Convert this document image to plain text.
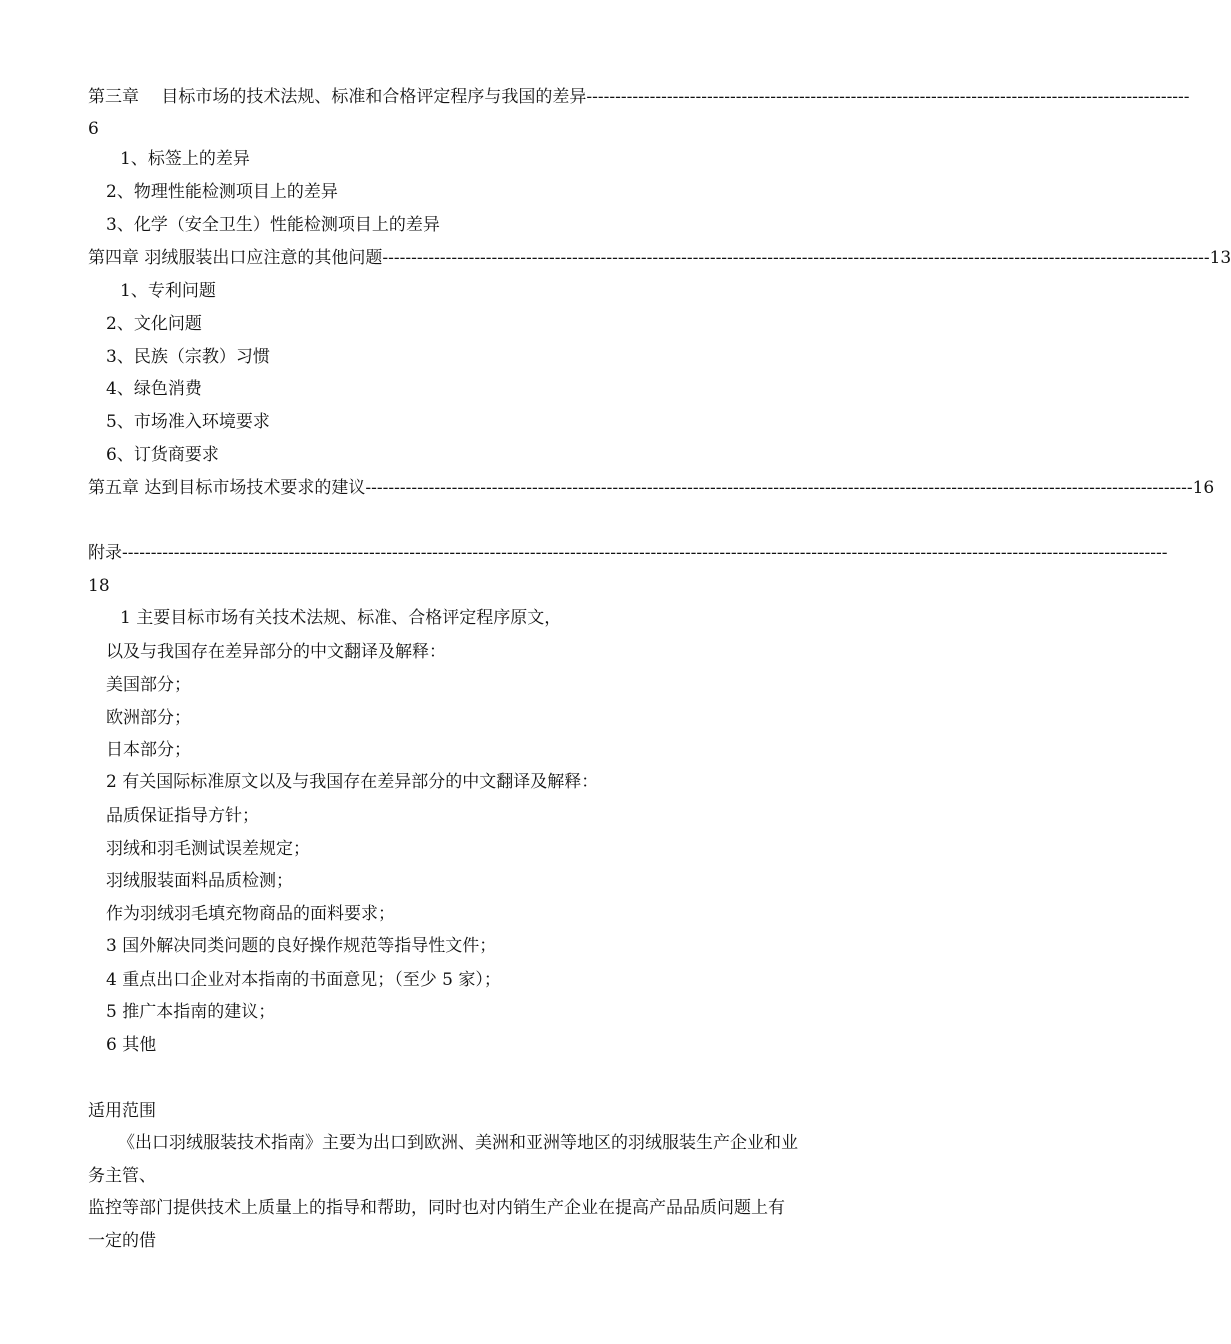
第三章　 目标市场的技术法规、标准和合格评定程序与我国的差异 ---------------------------------------------------------------------------------------------------------
6
1、标签上的差异
2、物理性能检测项目上的差异
3、化学（安全卫生）性能检测项目上的差异
第四章 羽绒服装出口应注意的其他问题 ------------------------------------------------------------------------------------------------------------------------------------------------ 13
1、专利问题
2、文化问题
3、民族（宗教）习惯
4、绿色消费
5、市场准入环境要求
6、订货商要求
第五章 达到目标市场技术要求的建议 ------------------------------------------------------------------------------------------------------------------------------------------------ 16
附录 --------------------------------------------------------------------------------------------------------------------------------------------------------------------------------------
18
1 主要目标市场有关技术法规、标准、合格评定程序原文，
以及与我国存在差异部分的中文翻译及解释：
美国部分；
欧洲部分；
日本部分；
2 有关国际标准原文以及与我国存在差异部分的中文翻译及解释：
品质保证指导方针；
羽绒和羽毛测试误差规定；
羽绒服装面料品质检测；
作为羽绒羽毛填充物商品的面料要求；
3 国外解决同类问题的良好操作规范等指导性文件；
4 重点出口企业对本指南的书面意见；（至少 5 家）；
5 推广本指南的建议；
6 其他
适用范围
《出口羽绒服装技术指南》主要为出口到欧洲、美洲和亚洲等地区的羽绒服装生产企业和业
务主管、
监控等部门提供技术上质量上的指导和帮助，同时也对内销生产企业在提高产品品质问题上有
一定的借
